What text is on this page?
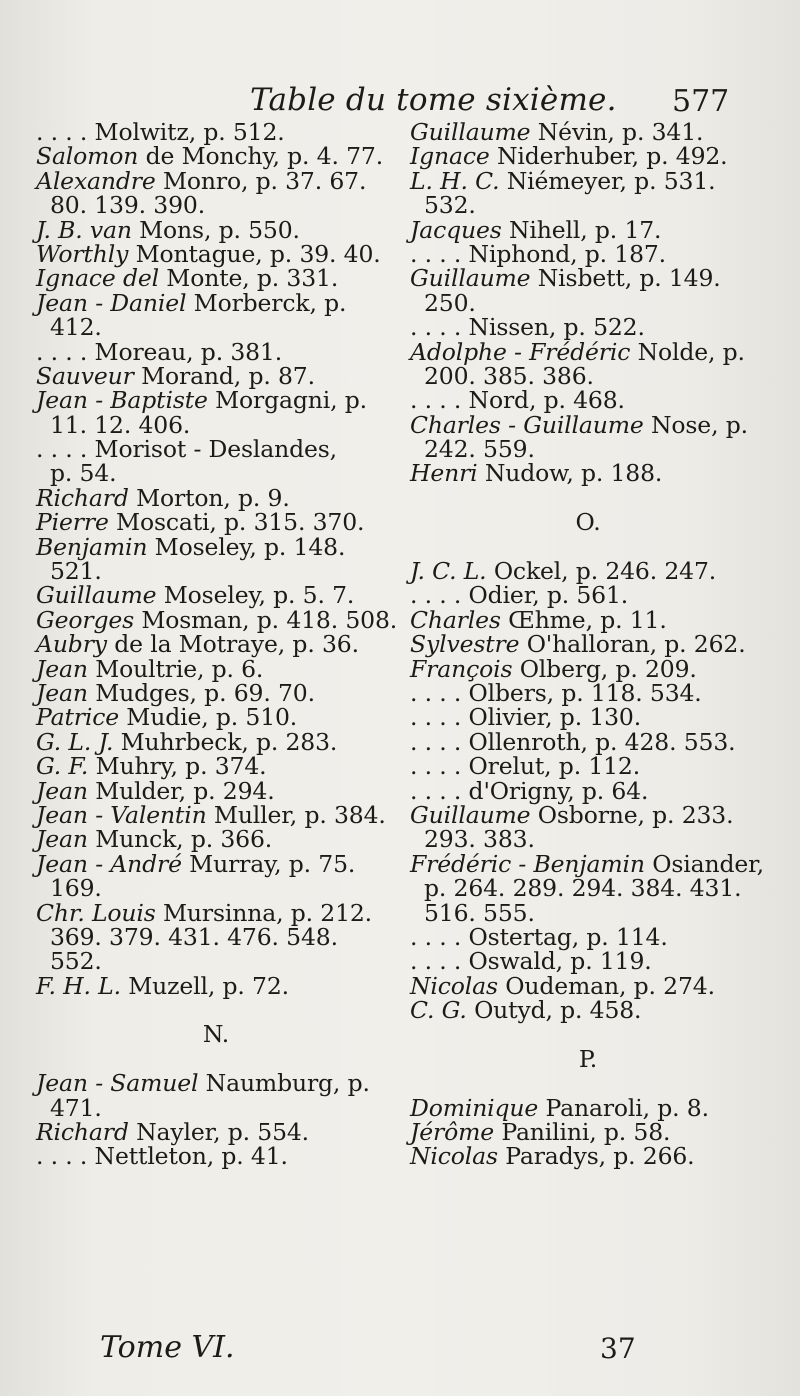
Table du tome sixième. 577
. . . . Molwitz, p. 512.
Salomon de Monchy, p. 4. 77.
Alexandre Monro, p. 37. 67.
80. 139. 390.
J. B. van Mons, p. 550.
Worthly Montague, p. 39. 40.
Ignace del Monte, p. 331.
Jean - Daniel Morberck, p.
412.
. . . . Moreau, p. 381.
Sauveur Morand, p. 87.
Jean - Baptiste Morgagni, p.
11. 12. 406.
. . . . Morisot - Deslandes,
p. 54.
Richard Morton, p. 9.
Pierre Moscati, p. 315. 370.
Benjamin Moseley, p. 148.
521.
Guillaume Moseley, p. 5. 7.
Georges Mosman, p. 418. 508.
Aubry de la Motraye, p. 36.
Jean Moultrie, p. 6.
Jean Mudges, p. 69. 70.
Patrice Mudie, p. 510.
G. L. J. Muhrbeck, p. 283.
G. F. Muhry, p. 374.
Jean Mulder, p. 294.
Jean - Valentin Muller, p. 384.
Jean Munck, p. 366.
Jean - André Murray, p. 75.
169.
Chr. Louis Mursinna, p. 212.
369. 379. 431. 476. 548.
552.
F. H. L. Muzell, p. 72.
N.
Jean - Samuel Naumburg, p.
471.
Richard Nayler, p. 554.
. . . . Nettleton, p. 41.
Guillaume Névin, p. 341.
Ignace Niderhuber, p. 492.
L. H. C. Niémeyer, p. 531.
532.
Jacques Nihell, p. 17.
. . . . Niphond, p. 187.
Guillaume Nisbett, p. 149.
250.
. . . . Nissen, p. 522.
Adolphe - Frédéric Nolde, p.
200. 385. 386.
. . . . Nord, p. 468.
Charles - Guillaume Nose, p.
242. 559.
Henri Nudow, p. 188.
O.
J. C. L. Ockel, p. 246. 247.
. . . . Odier, p. 561.
Charles Œhme, p. 11.
Sylvestre O'halloran, p. 262.
François Olberg, p. 209.
. . . . Olbers, p. 118. 534.
. . . . Olivier, p. 130.
. . . . Ollenroth, p. 428. 553.
. . . . Orelut, p. 112.
. . . . d'Origny, p. 64.
Guillaume Osborne, p. 233.
293. 383.
Frédéric - Benjamin Osiander,
p. 264. 289. 294. 384. 431.
516. 555.
. . . . Ostertag, p. 114.
. . . . Oswald, p. 119.
Nicolas Oudeman, p. 274.
C. G. Outyd, p. 458.
P.
Dominique Panaroli, p. 8.
Jérôme Panilini, p. 58.
Nicolas Paradys, p. 266.
Tome VI.	37
